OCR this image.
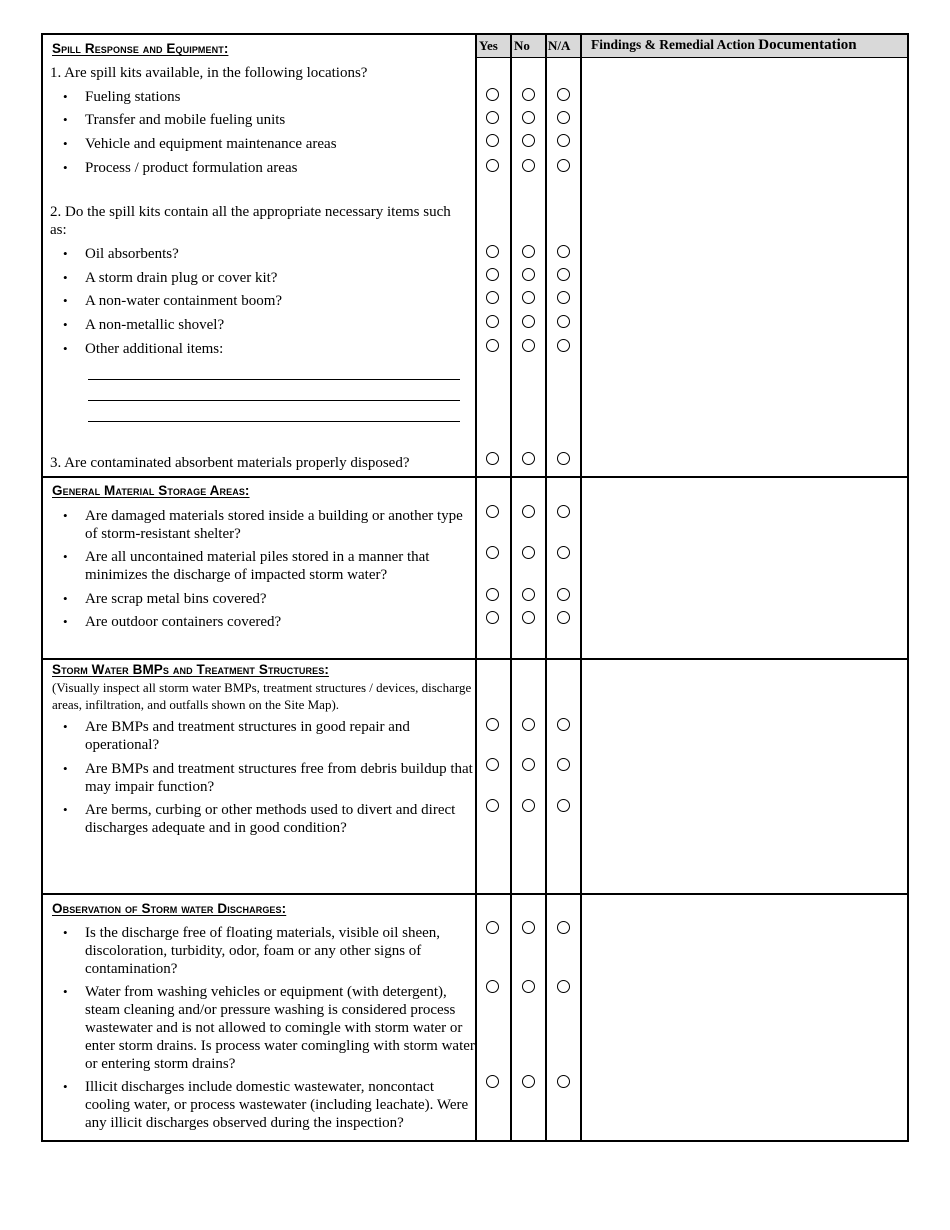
Yes No N/A Findings & Remedial Action Documentation
Spill Response and Equipment:
1. Are spill kits available, in the following locations?
• Fueling stations
• Transfer and mobile fueling units
• Vehicle and equipment maintenance areas
• Process / product formulation areas
2. Do the spill kits contain all the appropriate necessary items such as:
• Oil absorbents?
• A storm drain plug or cover kit?
• A non-water containment boom?
• A non-metallic shovel?
• Other additional items:
3. Are contaminated absorbent materials properly disposed?
General Material Storage Areas:
• Are damaged materials stored inside a building or another type of storm-resistant shelter?
• Are all uncontained material piles stored in a manner that minimizes the discharge of impacted storm water?
• Are scrap metal bins covered?
• Are outdoor containers covered?
Storm Water BMPs and Treatment Structures:
(Visually inspect all storm water BMPs, treatment structures / devices, discharge areas, infiltration, and outfalls shown on the Site Map).
• Are BMPs and treatment structures in good repair and operational?
• Are BMPs and treatment structures free from debris buildup that may impair function?
• Are berms, curbing or other methods used to divert and direct discharges adequate and in good condition?
Observation of Storm water Discharges:
• Is the discharge free of floating materials, visible oil sheen, discoloration, turbidity, odor, foam or any other signs of contamination?
• Water from washing vehicles or equipment (with detergent), steam cleaning and/or pressure washing is considered process wastewater and is not allowed to comingle with storm water or enter storm drains. Is process water comingling with storm water or entering storm drains?
• Illicit discharges include domestic wastewater, noncontact cooling water, or process wastewater (including leachate). Were any illicit discharges observed during the inspection?
